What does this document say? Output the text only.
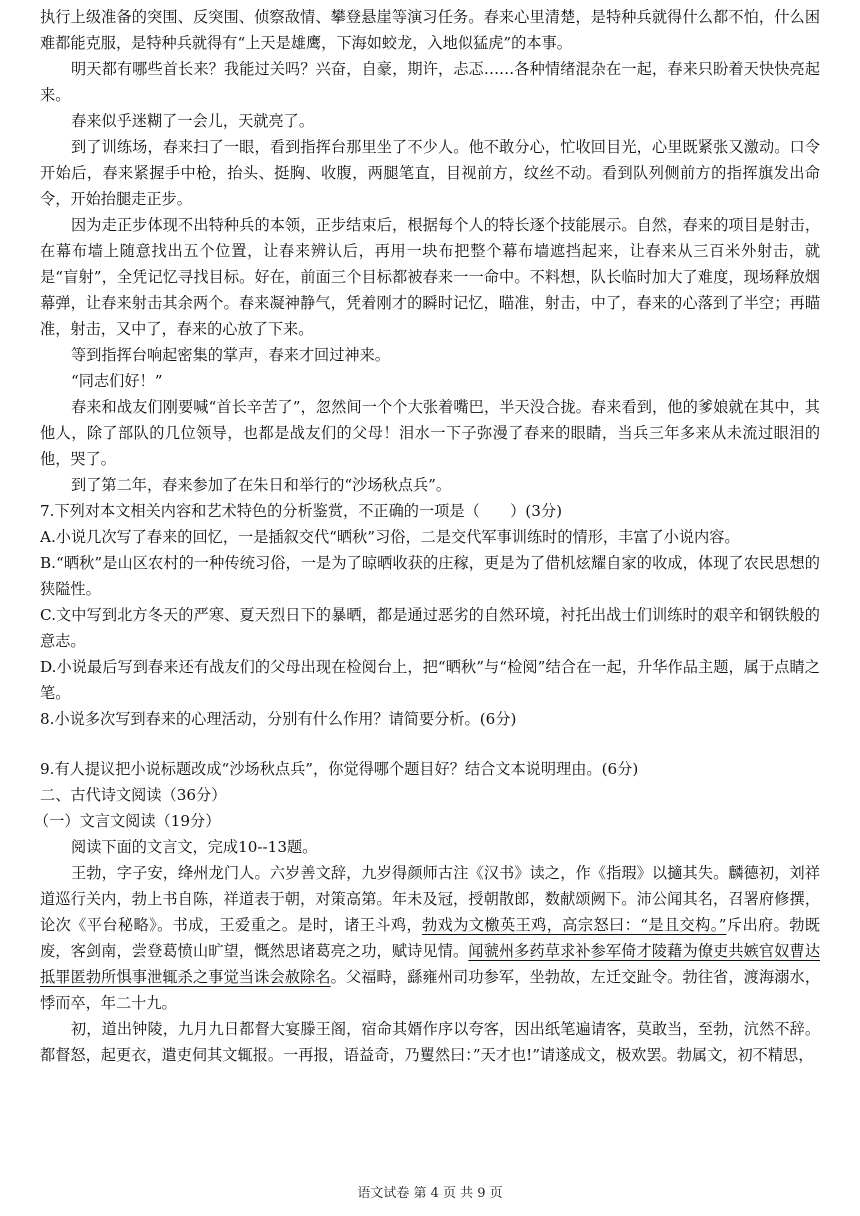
执行上级准备的突围、反突围、侦察敌情、攀登悬崖等演习任务。春来心里清楚，是特种兵就得什么都不怕，什么困难都能克服，是特种兵就得有“上天是雄鹰，下海如蛟龙，入地似猛虎”的本事。

明天都有哪些首长来？我能过关吗？兴奋，自豪，期许，忐忑……各种情绪混杂在一起，春来只盼着天快快亮起来。

春来似乎迷糊了一会儿，天就亮了。

到了训练场，春来扫了一眼，看到指挥台那里坐了不少人。他不敢分心，忙收回目光，心里既紧张又激动。口令开始后，春来紧握手中枪，抬头、挺胸、收腹，两腿笔直，目视前方，纹丝不动。看到队列侧前方的指挥旗发出命令，开始抬腿走正步。

因为走正步体现不出特种兵的本领，正步结束后，根据每个人的特长逐个技能展示。自然，春来的项目是射击，在幕布墙上随意找出五个位置，让春来辨认后，再用一块布把整个幕布墙遮挡起来，让春来从三百米外射击，就是“盲射”，全凭记忆寻找目标。好在，前面三个目标都被春来一一命中。不料想，队长临时加大了难度，现场释放烟幕弹，让春来射击其余两个。春来凝神静气，凭着刚才的瞬时记忆，瞄准，射击，中了，春来的心落到了半空；再瞄准，射击，又中了，春来的心放了下来。

等到指挥台响起密集的掌声，春来才回过神来。

“同志们好！”

春来和战友们刚要喊“首长辛苦了”，忽然间一个个大张着嘴巴，半天没合拢。春来看到，他的爹娘就在其中，其他人，除了部队的几位领导，也都是战友们的父母！泪水一下子弥漫了春来的眼睛，当兵三年多来从未流过眼泪的他，哭了。

到了第二年，春来参加了在朱日和举行的“沙场秋点兵”。

7.下列对本文相关内容和艺术特色的分析鉴赏，不正确的一项是（　　）(3分)

A.小说几次写了春来的回忆，一是插叙交代“晒秋”习俗，二是交代军事训练时的情形，丰富了小说内容。

B.“晒秋”是山区农村的一种传统习俗，一是为了晾晒收获的庄稼，更是为了借机炫耀自家的收成，体现了农民思想的狭隘性。

C.文中写到北方冬天的严寒、夏天烈日下的暴晒，都是通过恶劣的自然环境，衬托出战士们训练时的艰辛和钢铁般的意志。

D.小说最后写到春来还有战友们的父母出现在检阅台上，把“晒秋”与“检阅”结合在一起，升华作品主题，属于点睛之笔。

8.小说多次写到春来的心理活动，分别有什么作用？请简要分析。(6分)

9.有人提议把小说标题改成“沙场秋点兵”，你觉得哪个题目好？结合文本说明理由。(6分)

二、古代诗文阅读（36分）

（一）文言文阅读（19分）

阅读下面的文言文，完成10--13题。

王勃，字子安，绛州龙门人。六岁善文辞，九岁得颜师古注《汉书》读之，作《指瑕》以擿其失。麟德初，刘祥道巡行关内，勃上书自陈，祥道表于朝，对策高第。年未及冠，授朝散郎，数献颂阙下。沛公闻其名，召署府修撰，论次《平台秘略》。书成，王爱重之。是时，诸王斗鸡，勃戏为文檄英王鸡，高宗怒曰：“是且交构。”斥出府。勃既废，客剑南，尝登葛愤山旷望，慨然思诸葛亮之功，赋诗见情。闻虢州多药草求补参军倚才陵藉为僚吏共嫉官奴曹达抵罪匿勃所惧事泄辄杀之事觉当诛会赦除名。父福畤，繇雍州司功参军，坐勃故，左迁交趾令。勃往省，渡海溺水，悸而卒，年二十九。

初，道出钟陵，九月九日都督大宴滕王阁，宿命其婿作序以夸客，因出纸笔遍请客，莫敢当，至勃，沆然不辞。都督怒，起更衣，遣吏伺其文辄报。一再报，语益奇，乃矍然曰：”天才也!”请遂成文，极欢罢。勃属文，初不精思，

语文试卷 第 4 页 共 9 页
